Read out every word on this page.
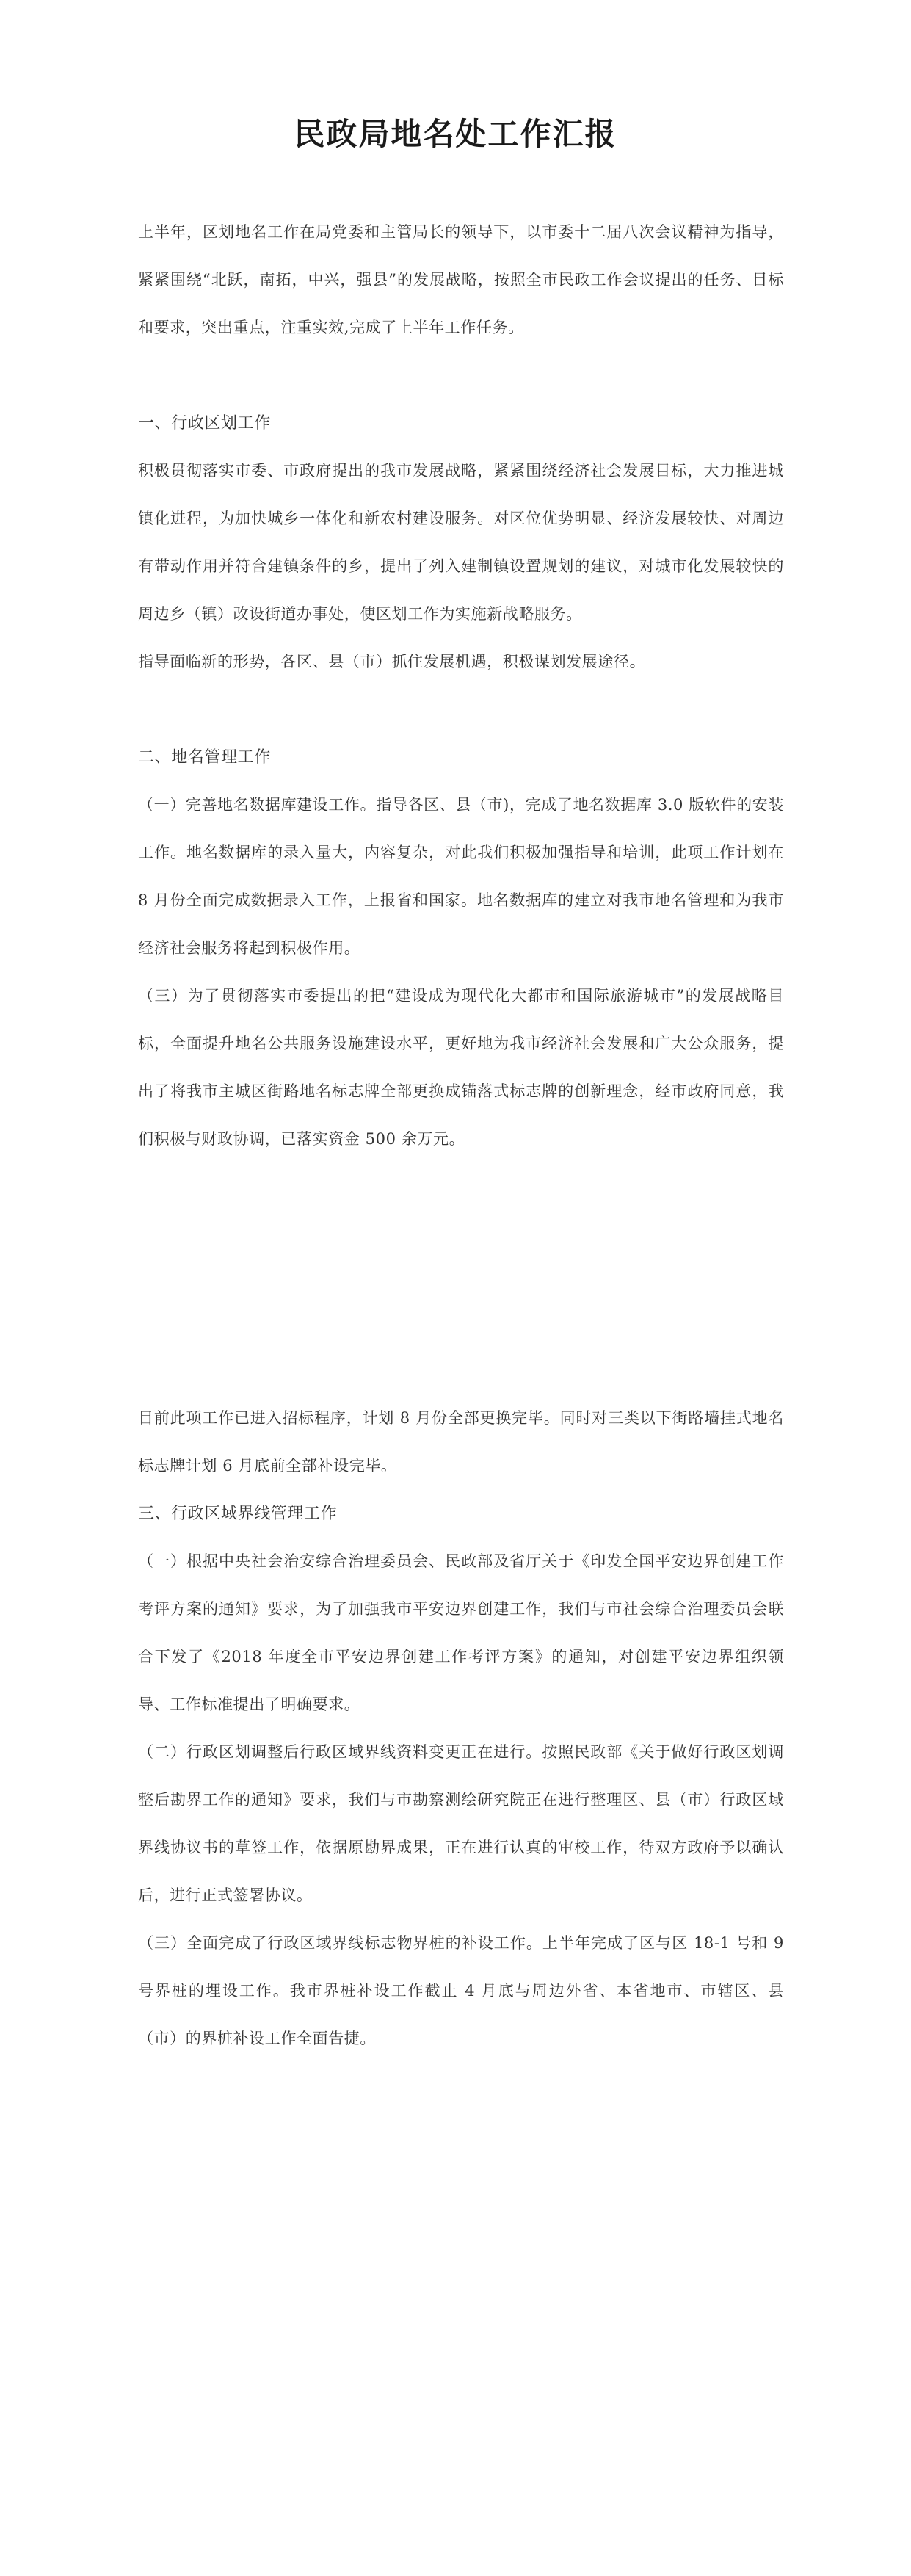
民政局地名处工作汇报

上半年，区划地名工作在局党委和主管局长的领导下，以市委十二届八次会议精神为指导，紧紧围绕“北跃，南拓，中兴，强县”的发展战略，按照全市民政工作会议提出的任务、目标和要求，突出重点，注重实效,完成了上半年工作任务。

一、行政区划工作

积极贯彻落实市委、市政府提出的我市发展战略，紧紧围绕经济社会发展目标，大力推进城镇化进程，为加快城乡一体化和新农村建设服务。对区位优势明显、经济发展较快、对周边有带动作用并符合建镇条件的乡，提出了列入建制镇设置规划的建议，对城市化发展较快的周边乡（镇）改设街道办事处，使区划工作为实施新战略服务。

指导面临新的形势，各区、县（市）抓住发展机遇，积极谋划发展途径。

二、地名管理工作

（一）完善地名数据库建设工作。指导各区、县（市)，完成了地名数据库 3.0 版软件的安装工作。地名数据库的录入量大，内容复杂，对此我们积极加强指导和培训，此项工作计划在 8 月份全面完成数据录入工作，上报省和国家。地名数据库的建立对我市地名管理和为我市经济社会服务将起到积极作用。

（三）为了贯彻落实市委提出的把“建设成为现代化大都市和国际旅游城市”的发展战略目标，全面提升地名公共服务设施建设水平，更好地为我市经济社会发展和广大公众服务，提出了将我市主城区街路地名标志牌全部更换成锚落式标志牌的创新理念，经市政府同意，我们积极与财政协调，已落实资金 500 余万元。

目前此项工作已进入招标程序，计划 8 月份全部更换完毕。同时对三类以下街路墙挂式地名标志牌计划 6 月底前全部补设完毕。

三、行政区域界线管理工作

（一）根据中央社会治安综合治理委员会、民政部及省厅关于《印发全国平安边界创建工作考评方案的通知》要求，为了加强我市平安边界创建工作，我们与市社会综合治理委员会联合下发了《2018 年度全市平安边界创建工作考评方案》的通知，对创建平安边界组织领导、工作标准提出了明确要求。

（二）行政区划调整后行政区域界线资料变更正在进行。按照民政部《关于做好行政区划调整后勘界工作的通知》要求，我们与市勘察测绘研究院正在进行整理区、县（市）行政区域界线协议书的草签工作，依据原勘界成果，正在进行认真的审校工作，待双方政府予以确认后，进行正式签署协议。

（三）全面完成了行政区域界线标志物界桩的补设工作。上半年完成了区与区 18-1 号和 9 号界桩的埋设工作。我市界桩补设工作截止 4 月底与周边外省、本省地市、市辖区、县（市）的界桩补设工作全面告捷。
